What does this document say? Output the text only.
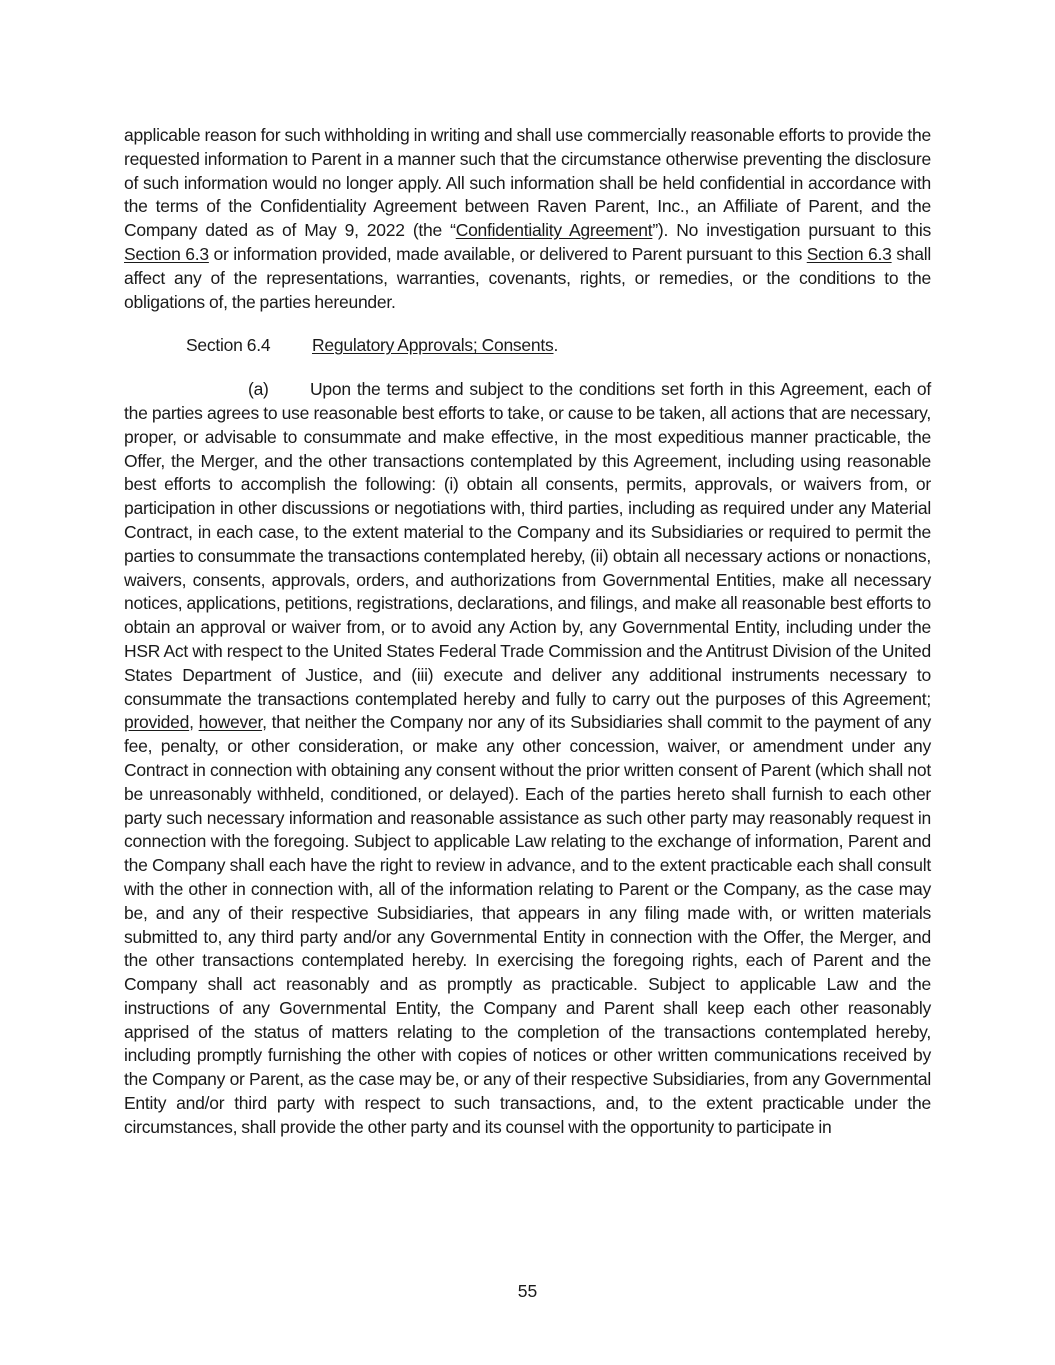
applicable reason for such withholding in writing and shall use commercially reasonable efforts to provide the requested information to Parent in a manner such that the circumstance otherwise preventing the disclosure of such information would no longer apply. All such information shall be held confidential in accordance with the terms of the Confidentiality Agreement between Raven Parent, Inc., an Affiliate of Parent, and the Company dated as of May 9, 2022 (the “Confidentiality Agreement”). No investigation pursuant to this Section 6.3 or information provided, made available, or delivered to Parent pursuant to this Section 6.3 shall affect any of the representations, warranties, covenants, rights, or remedies, or the conditions to the obligations of, the parties hereunder.

Section 6.4	Regulatory Approvals; Consents.

(a) Upon the terms and subject to the conditions set forth in this Agreement, each of the parties agrees to use reasonable best efforts to take, or cause to be taken, all actions that are necessary, proper, or advisable to consummate and make effective, in the most expeditious manner practicable, the Offer, the Merger, and the other transactions contemplated by this Agreement, including using reasonable best efforts to accomplish the following: (i) obtain all consents, permits, approvals, or waivers from, or participation in other discussions or negotiations with, third parties, including as required under any Material Contract, in each case, to the extent material to the Company and its Subsidiaries or required to permit the parties to consummate the transactions contemplated hereby, (ii) obtain all necessary actions or nonactions, waivers, consents, approvals, orders, and authorizations from Governmental Entities, make all necessary notices, applications, petitions, registrations, declarations, and filings, and make all reasonable best efforts to obtain an approval or waiver from, or to avoid any Action by, any Governmental Entity, including under the HSR Act with respect to the United States Federal Trade Commission and the Antitrust Division of the United States Department of Justice, and (iii) execute and deliver any additional instruments necessary to consummate the transactions contemplated hereby and fully to carry out the purposes of this Agreement; provided, however, that neither the Company nor any of its Subsidiaries shall commit to the payment of any fee, penalty, or other consideration, or make any other concession, waiver, or amendment under any Contract in connection with obtaining any consent without the prior written consent of Parent (which shall not be unreasonably withheld, conditioned, or delayed). Each of the parties hereto shall furnish to each other party such necessary information and reasonable assistance as such other party may reasonably request in connection with the foregoing. Subject to applicable Law relating to the exchange of information, Parent and the Company shall each have the right to review in advance, and to the extent practicable each shall consult with the other in connection with, all of the information relating to Parent or the Company, as the case may be, and any of their respective Subsidiaries, that appears in any filing made with, or written materials submitted to, any third party and/or any Governmental Entity in connection with the Offer, the Merger, and the other transactions contemplated hereby. In exercising the foregoing rights, each of Parent and the Company shall act reasonably and as promptly as practicable. Subject to applicable Law and the instructions of any Governmental Entity, the Company and Parent shall keep each other reasonably apprised of the status of matters relating to the completion of the transactions contemplated hereby, including promptly furnishing the other with copies of notices or other written communications received by the Company or Parent, as the case may be, or any of their respective Subsidiaries, from any Governmental Entity and/or third party with respect to such transactions, and, to the extent practicable under the circumstances, shall provide the other party and its counsel with the opportunity to participate in

55
